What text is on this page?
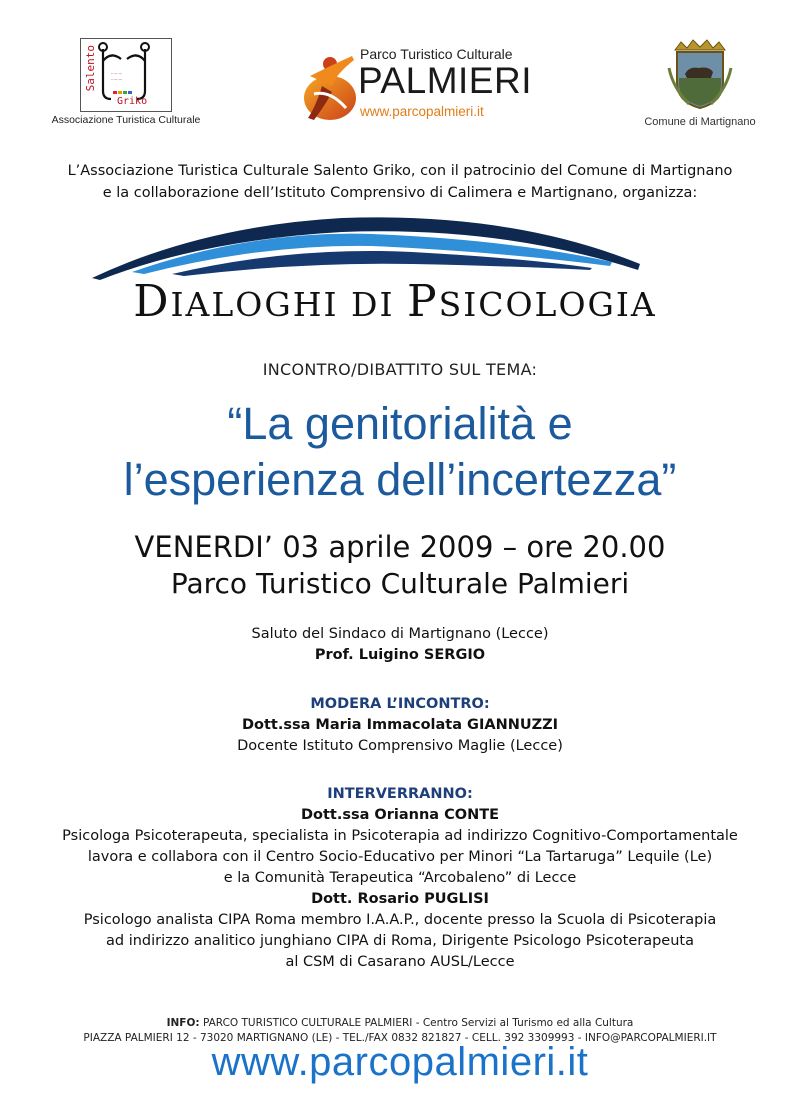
·········
·········
Salento
Griko
Associazione Turistica Culturale
Parco Turistico Culturale
PALMIERI
www.parcopalmieri.it
Comune di Martignano
L’Associazione Turistica Culturale Salento Griko, con il patrocinio del Comune di Martignano
e la collaborazione dell’Istituto Comprensivo di Calimera e Martignano, organizza:
DIALOGHI DI PSICOLOGIA
INCONTRO/DIBATTITO SUL TEMA:
“La genitorialità e
l’esperienza dell’incertezza”
VENERDI’ 03 aprile 2009 – ore 20.00
Parco Turistico Culturale Palmieri
Saluto del Sindaco di Martignano (Lecce)
Prof. Luigino SERGIO
MODERA L’INCONTRO:
Dott.ssa Maria Immacolata GIANNUZZI
Docente Istituto Comprensivo Maglie (Lecce)
INTERVERRANNO:
Dott.ssa Orianna CONTE
Psicologa Psicoterapeuta, specialista in Psicoterapia ad indirizzo Cognitivo-Comportamentale
lavora e collabora con il Centro Socio-Educativo per Minori “La Tartaruga” Lequile (Le)
e la Comunità Terapeutica “Arcobaleno” di Lecce
Dott. Rosario PUGLISI
Psicologo analista CIPA Roma membro I.A.A.P., docente presso la Scuola di Psicoterapia
ad indirizzo analitico junghiano CIPA di Roma, Dirigente Psicologo Psicoterapeuta
al CSM di Casarano AUSL/Lecce
INFO: PARCO TURISTICO CULTURALE PALMIERI - Centro Servizi al Turismo ed alla Cultura
PIAZZA PALMIERI 12 - 73020 MARTIGNANO (LE) - TEL./FAX 0832 821827 - CELL. 392 3309993 - INFO@PARCOPALMIERI.IT
www.parcopalmieri.it
